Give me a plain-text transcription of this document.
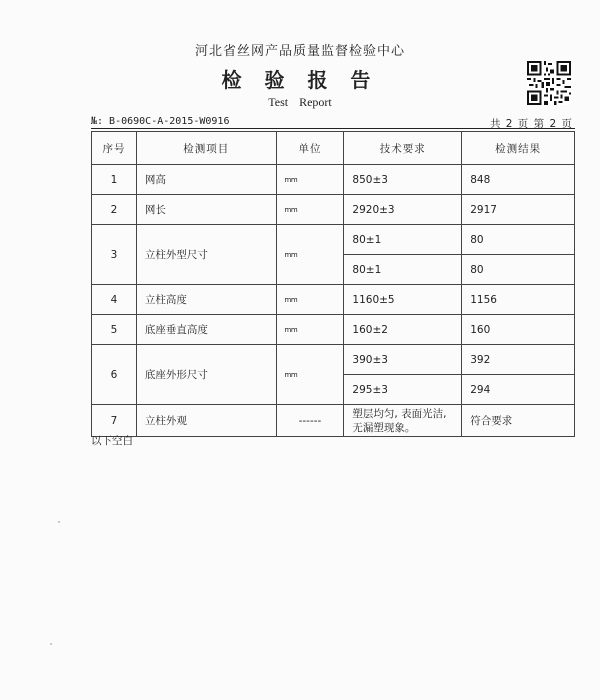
河北省丝网产品质量监督检验中心
检 验 报 告
Test Report
№: B-0690C-A-2015-W0916	共 2 页 第 2 页
序号	检测项目	单位	技术要求	检测结果
1	网高	mm	850±3	848
2	网长	mm	2920±3	2917
3	立柱外型尺寸	mm	80±1	80
			80±1	80
4	立柱高度	mm	1160±5	1156
5	底座垂直高度	mm	160±2	160
6	底座外形尺寸	mm	390±3	392
			295±3	294
7	立柱外观	------	塑层均匀, 表面光洁, 无漏塑现象。	符合要求
以下空白
